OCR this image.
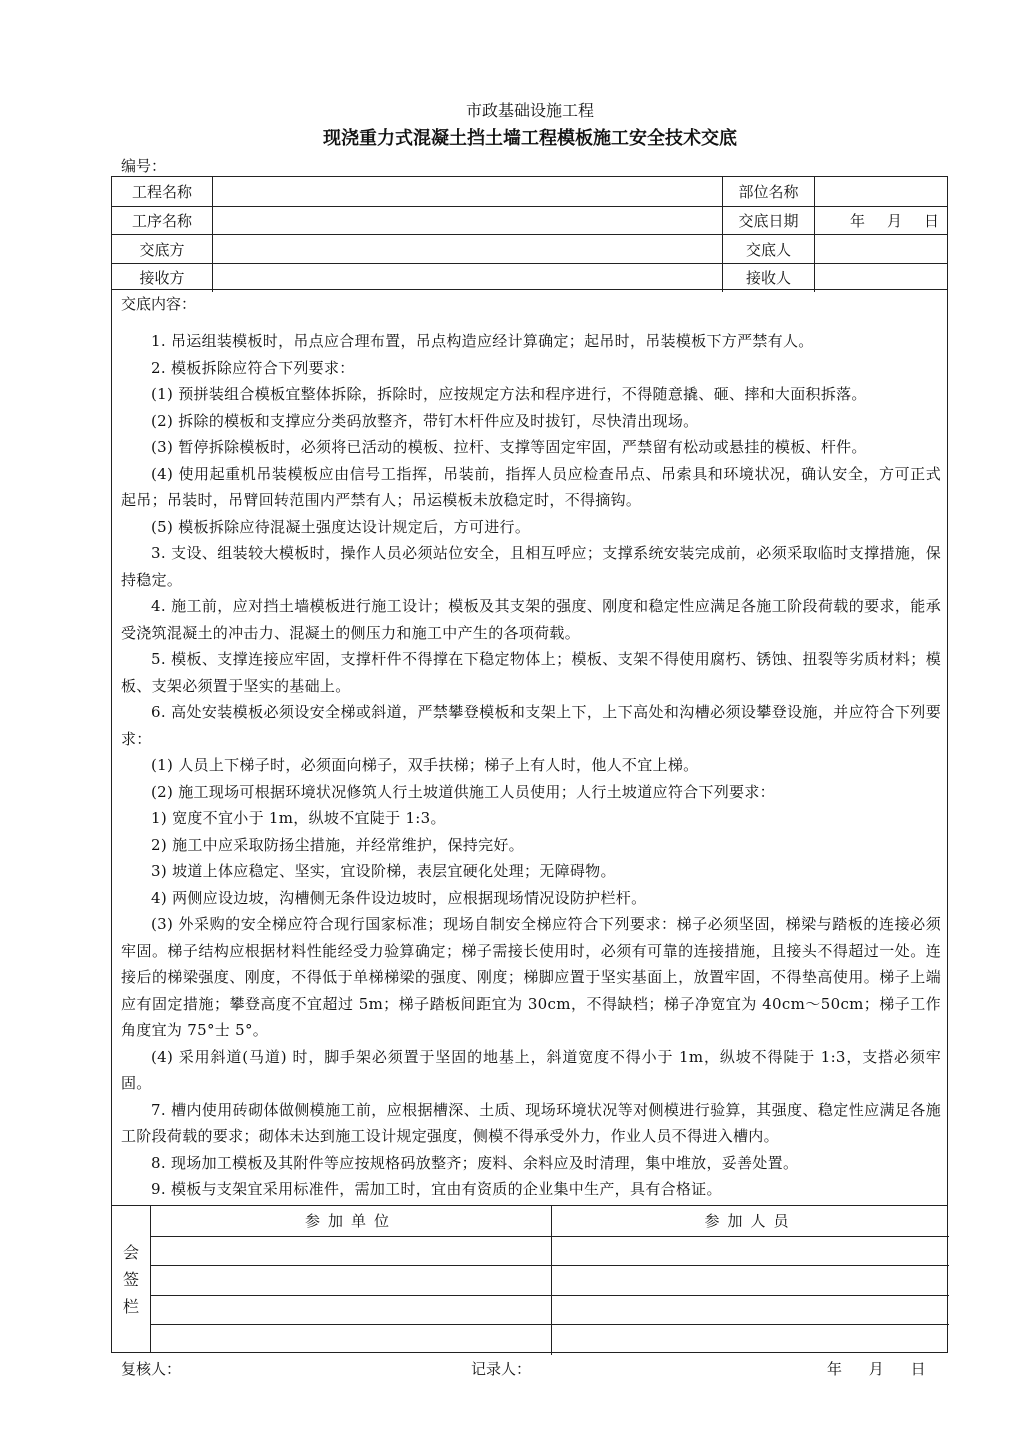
市政基础设施工程
现浇重力式混凝土挡土墙工程模板施工安全技术交底
编号：
工程名称	部位名称
工序名称	交底日期	年 月 日
交底方	交底人
接收方	接收人
交底内容：

1. 吊运组装模板时，吊点应合理布置，吊点构造应经计算确定；起吊时，吊装模板下方严禁有人。

2. 模板拆除应符合下列要求：

(1) 预拼装组合模板宜整体拆除，拆除时，应按规定方法和程序进行，不得随意撬、砸、摔和大面积拆落。

(2) 拆除的模板和支撑应分类码放整齐，带钉木杆件应及时拔钉，尽快清出现场。

(3) 暂停拆除模板时，必须将已活动的模板、拉杆、支撑等固定牢固，严禁留有松动或悬挂的模板、杆件。

(4) 使用起重机吊装模板应由信号工指挥，吊装前，指挥人员应检查吊点、吊索具和环境状况，确认安全，方可正式起吊；吊装时，吊臂回转范围内严禁有人；吊运模板未放稳定时，不得摘钩。

(5) 模板拆除应待混凝土强度达设计规定后，方可进行。

3. 支设、组装较大模板时，操作人员必须站位安全，且相互呼应；支撑系统安装完成前，必须采取临时支撑措施，保持稳定。

4. 施工前，应对挡土墙模板进行施工设计；模板及其支架的强度、刚度和稳定性应满足各施工阶段荷载的要求，能承受浇筑混凝土的冲击力、混凝土的侧压力和施工中产生的各项荷载。

5. 模板、支撑连接应牢固，支撑杆件不得撑在下稳定物体上；模板、支架不得使用腐朽、锈蚀、扭裂等劣质材料；模板、支架必须置于坚实的基础上。

6. 高处安装模板必须设安全梯或斜道，严禁攀登模板和支架上下，上下高处和沟槽必须设攀登设施，并应符合下列要求：

(1) 人员上下梯子时，必须面向梯子，双手扶梯；梯子上有人时，他人不宜上梯。

(2) 施工现场可根据环境状况修筑人行土坡道供施工人员使用；人行土坡道应符合下列要求：

1) 宽度不宜小于 1m，纵坡不宜陡于 1:3。

2) 施工中应采取防扬尘措施，并经常维护，保持完好。

3) 坡道上体应稳定、坚实，宜设阶梯，表层宜硬化处理；无障碍物。

4) 两侧应设边坡，沟槽侧无条件设边坡时，应根据现场情况设防护栏杆。

(3) 外采购的安全梯应符合现行国家标准；现场自制安全梯应符合下列要求：梯子必须坚固，梯梁与踏板的连接必须牢固。梯子结构应根据材料性能经受力验算确定；梯子需接长使用时，必须有可靠的连接措施，且接头不得超过一处。连接后的梯梁强度、刚度，不得低于单梯梯梁的强度、刚度；梯脚应置于坚实基面上，放置牢固，不得垫高使用。梯子上端应有固定措施；攀登高度不宜超过 5m；梯子踏板间距宜为 30cm，不得缺档；梯子净宽宜为 40cm～50cm；梯子工作角度宜为 75°士 5°。

(4) 采用斜道(马道) 时，脚手架必须置于坚固的地基上，斜道宽度不得小于 1m，纵坡不得陡于 1:3，支搭必须牢固。

7. 槽内使用砖砌体做侧模施工前，应根据槽深、土质、现场环境状况等对侧模进行验算，其强度、稳定性应满足各施工阶段荷载的要求；砌体未达到施工设计规定强度，侧模不得承受外力，作业人员不得进入槽内。

8. 现场加工模板及其附件等应按规格码放整齐；废料、余料应及时清理，集中堆放，妥善处置。

9. 模板与支架宜采用标准件，需加工时，宜由有资质的企业集中生产，具有合格证。

会
签
栏
参加单位	参加人员
复核人：	记录人：	年 月 日
